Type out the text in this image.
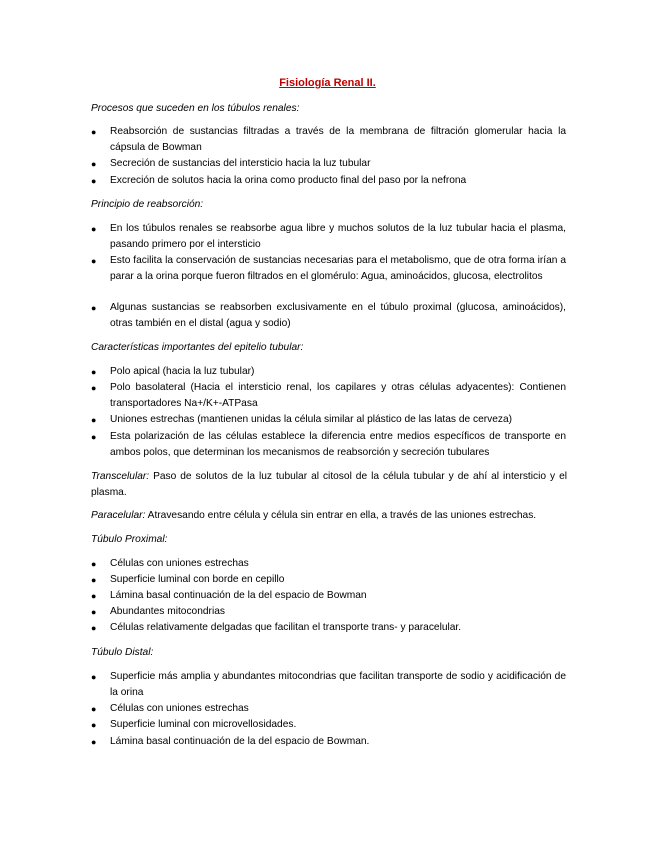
Fisiología Renal II.
Procesos que suceden en los túbulos renales:
● Reabsorción de sustancias filtradas a través de la membrana de filtración glomerular hacia la cápsula de Bowman
● Secreción de sustancias del intersticio hacia la luz tubular
● Excreción de solutos hacia la orina como producto final del paso por la nefrona
Principio de reabsorción:
● En los túbulos renales se reabsorbe agua libre y muchos solutos de la luz tubular hacia el plasma, pasando primero por el intersticio
● Esto facilita la conservación de sustancias necesarias para el metabolismo, que de otra forma irían a parar a la orina porque fueron filtrados en el glomérulo: Agua, aminoácidos, glucosa, electrolitos
● Algunas sustancias se reabsorben exclusivamente en el túbulo proximal (glucosa, aminoácidos), otras también en el distal (agua y sodio)
Características importantes del epitelio tubular:
● Polo apical (hacia la luz tubular)
● Polo basolateral (Hacia el intersticio renal, los capilares y otras células adyacentes): Contienen transportadores Na+/K+-ATPasa
● Uniones estrechas (mantienen unidas la célula similar al plástico de las latas de cerveza)
● Esta polarización de las células establece la diferencia entre medios específicos de transporte en ambos polos, que determinan los mecanismos de reabsorción y secreción tubulares
Transcelular: Paso de solutos de la luz tubular al citosol de la célula tubular y de ahí al intersticio y el plasma.
Paracelular: Atravesando entre célula y célula sin entrar en ella, a través de las uniones estrechas.
Túbulo Proximal:
● Células con uniones estrechas
● Superficie luminal con borde en cepillo
● Lámina basal continuación de la del espacio de Bowman
● Abundantes mitocondrias
● Células relativamente delgadas que facilitan el transporte trans- y paracelular.
Túbulo Distal:
● Superficie más amplia y abundantes mitocondrias que facilitan transporte de sodio y acidificación de la orina
● Células con uniones estrechas
● Superficie luminal con microvellosidades.
● Lámina basal continuación de la del espacio de Bowman.
